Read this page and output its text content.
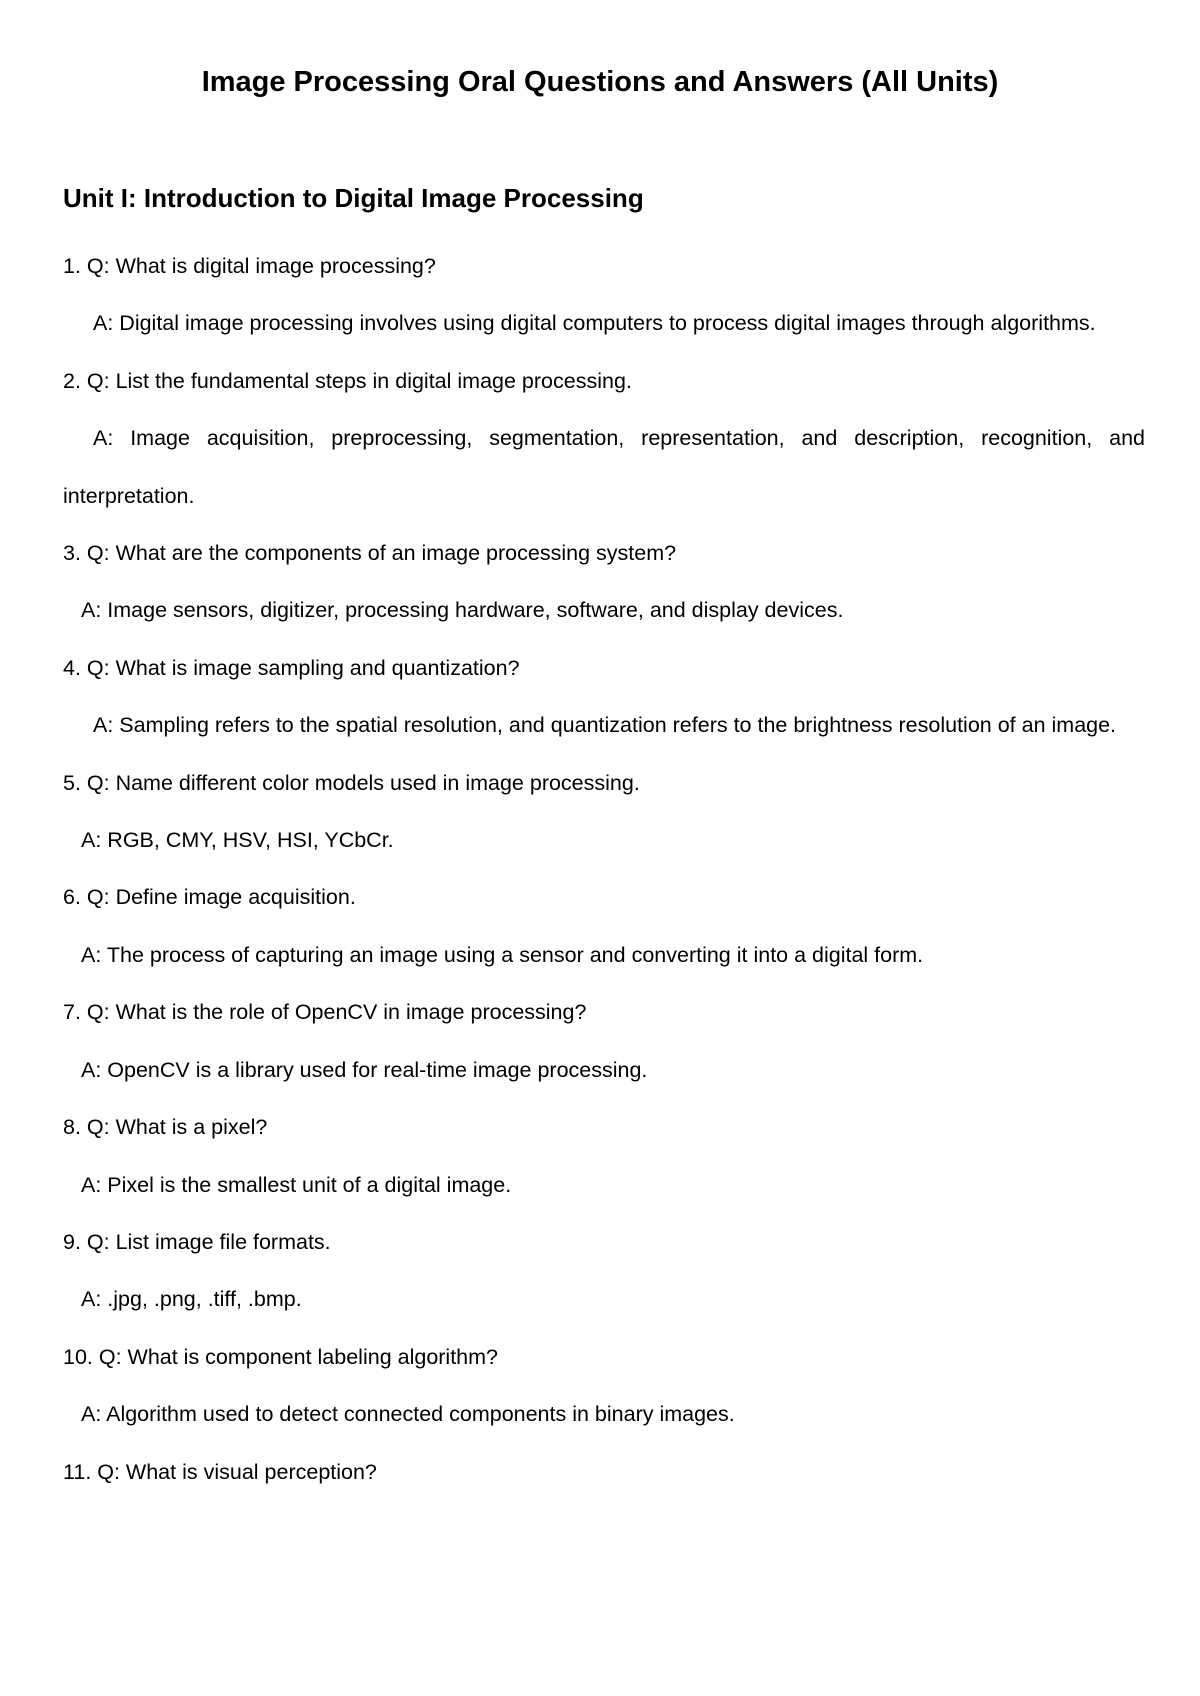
Image Processing Oral Questions and Answers (All Units)
Unit I: Introduction to Digital Image Processing
1. Q: What is digital image processing?
A: Digital image processing involves using digital computers to process digital images through algorithms.
2. Q: List the fundamental steps in digital image processing.
A: Image acquisition, preprocessing, segmentation, representation, and description, recognition, and interpretation.
3. Q: What are the components of an image processing system?
A: Image sensors, digitizer, processing hardware, software, and display devices.
4. Q: What is image sampling and quantization?
A: Sampling refers to the spatial resolution, and quantization refers to the brightness resolution of an image.
5. Q: Name different color models used in image processing.
A: RGB, CMY, HSV, HSI, YCbCr.
6. Q: Define image acquisition.
A: The process of capturing an image using a sensor and converting it into a digital form.
7. Q: What is the role of OpenCV in image processing?
A: OpenCV is a library used for real-time image processing.
8. Q: What is a pixel?
A: Pixel is the smallest unit of a digital image.
9. Q: List image file formats.
A: .jpg, .png, .tiff, .bmp.
10. Q: What is component labeling algorithm?
A: Algorithm used to detect connected components in binary images.
11. Q: What is visual perception?
